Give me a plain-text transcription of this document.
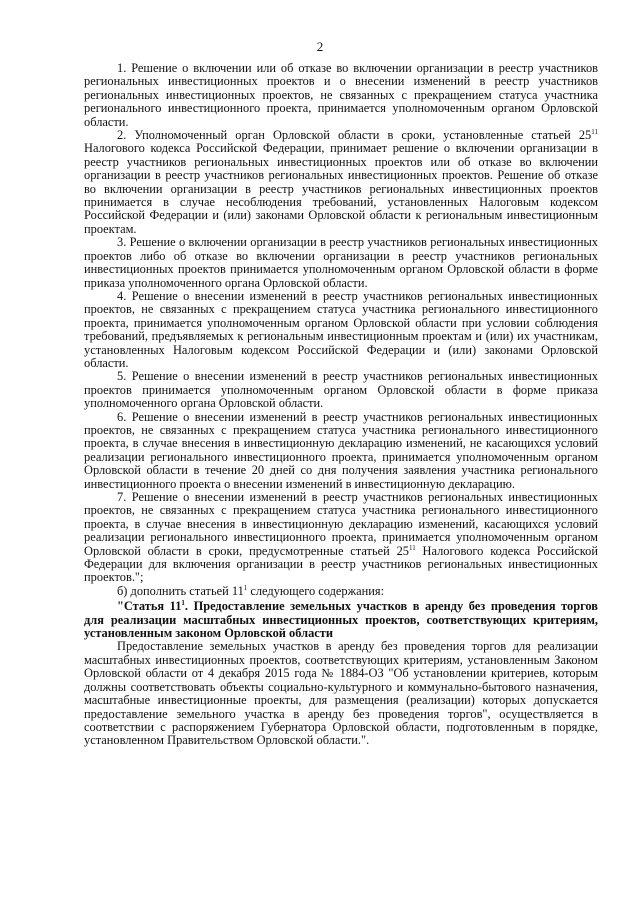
2

1. Решение о включении или об отказе во включении организации в реестр участников региональных инвестиционных проектов и о внесении изменений в реестр участников региональных инвестиционных проектов, не связанных с прекращением статуса участника регионального инвестиционного проекта, принимается уполномоченным органом Орловской области.

2. Уполномоченный орган Орловской области в сроки, установленные статьей $25^{11}$ Налогового кодекса Российской Федерации, принимает решение о включении организации в реестр участников региональных инвестиционных проектов или об отказе во включении организации в реестр участников региональных инвестиционных проектов. Решение об отказе во включении организации в реестр участников региональных инвестиционных проектов принимается в случае несоблюдения требований, установленных Налоговым кодексом Российской Федерации и (или) законами Орловской области к региональным инвестиционным проектам.

3. Решение о включении организации в реестр участников региональных инвестиционных проектов либо об отказе во включении организации в реестр участников региональных инвестиционных проектов принимается уполномоченным органом Орловской области в форме приказа уполномоченного органа Орловской области.

4. Решение о внесении изменений в реестр участников региональных инвестиционных проектов, не связанных с прекращением статуса участника регионального инвестиционного проекта, принимается уполномоченным органом Орловской области при условии соблюдения требований, предъявляемых к региональным инвестиционным проектам и (или) их участникам, установленных Налоговым кодексом Российской Федерации и (или) законами Орловской области.

5. Решение о внесении изменений в реестр участников региональных инвестиционных проектов принимается уполномоченным органом Орловской области в форме приказа уполномоченного органа Орловской области.

6. Решение о внесении изменений в реестр участников региональных инвестиционных проектов, не связанных с прекращением статуса участника регионального инвестиционного проекта, в случае внесения в инвестиционную декларацию изменений, не касающихся условий реализации регионального инвестиционного проекта, принимается уполномоченным органом Орловской области в течение 20 дней со дня получения заявления участника регионального инвестиционного проекта о внесении изменений в инвестиционную декларацию.

7. Решение о внесении изменений в реестр участников региональных инвестиционных проектов, не связанных с прекращением статуса участника регионального инвестиционного проекта, в случае внесения в инвестиционную декларацию изменений, касающихся условий реализации регионального инвестиционного проекта, принимается уполномоченным органом Орловской области в сроки, предусмотренные статьей $25^{11}$ Налогового кодекса Российской Федерации для включения организации в реестр участников региональных инвестиционных проектов.";

б) дополнить статьей $11^1$ следующего содержания:

"Статья $11^1$. Предоставление земельных участков в аренду без проведения торгов для реализации масштабных инвестиционных проектов, соответствующих критериям, установленным законом Орловской области

Предоставление земельных участков в аренду без проведения торгов для реализации масштабных инвестиционных проектов, соответствующих критериям, установленным Законом Орловской области от 4 декабря 2015 года № 1884-ОЗ "Об установлении критериев, которым должны соответствовать объекты социально-культурного и коммунально-бытового назначения, масштабные инвестиционные проекты, для размещения (реализации) которых допускается предоставление земельного участка в аренду без проведения торгов", осуществляется в соответствии с распоряжением Губернатора Орловской области, подготовленным в порядке, установленном Правительством Орловской области.".
